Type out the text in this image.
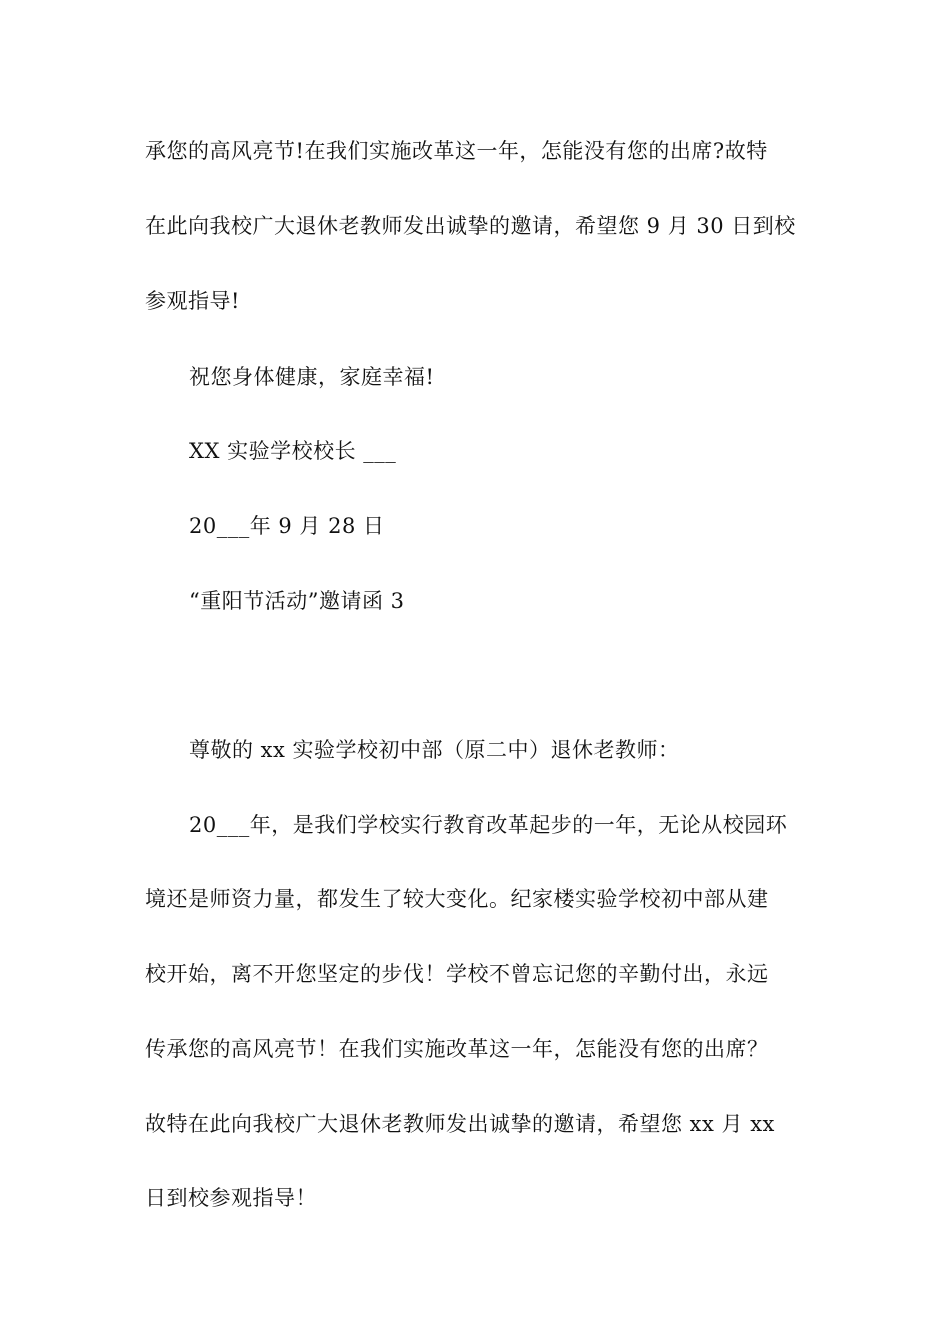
承您的高风亮节!在我们实施改革这一年，怎能没有您的出席?故特
在此向我校广大退休老教师发出诚挚的邀请，希望您 9 月 30 日到校
参观指导!
祝您身体健康，家庭幸福!
XX 实验学校校长 ___
20___年 9 月 28 日
“重阳节活动”邀请函 3
尊敬的 xx 实验学校初中部（原二中）退休老教师：
20___年，是我们学校实行教育改革起步的一年，无论从校园环
境还是师资力量，都发生了较大变化。纪家楼实验学校初中部从建
校开始，离不开您坚定的步伐！学校不曾忘记您的辛勤付出，永远
传承您的高风亮节！在我们实施改革这一年，怎能没有您的出席？
故特在此向我校广大退休老教师发出诚挚的邀请，希望您 xx 月 xx
日到校参观指导！
